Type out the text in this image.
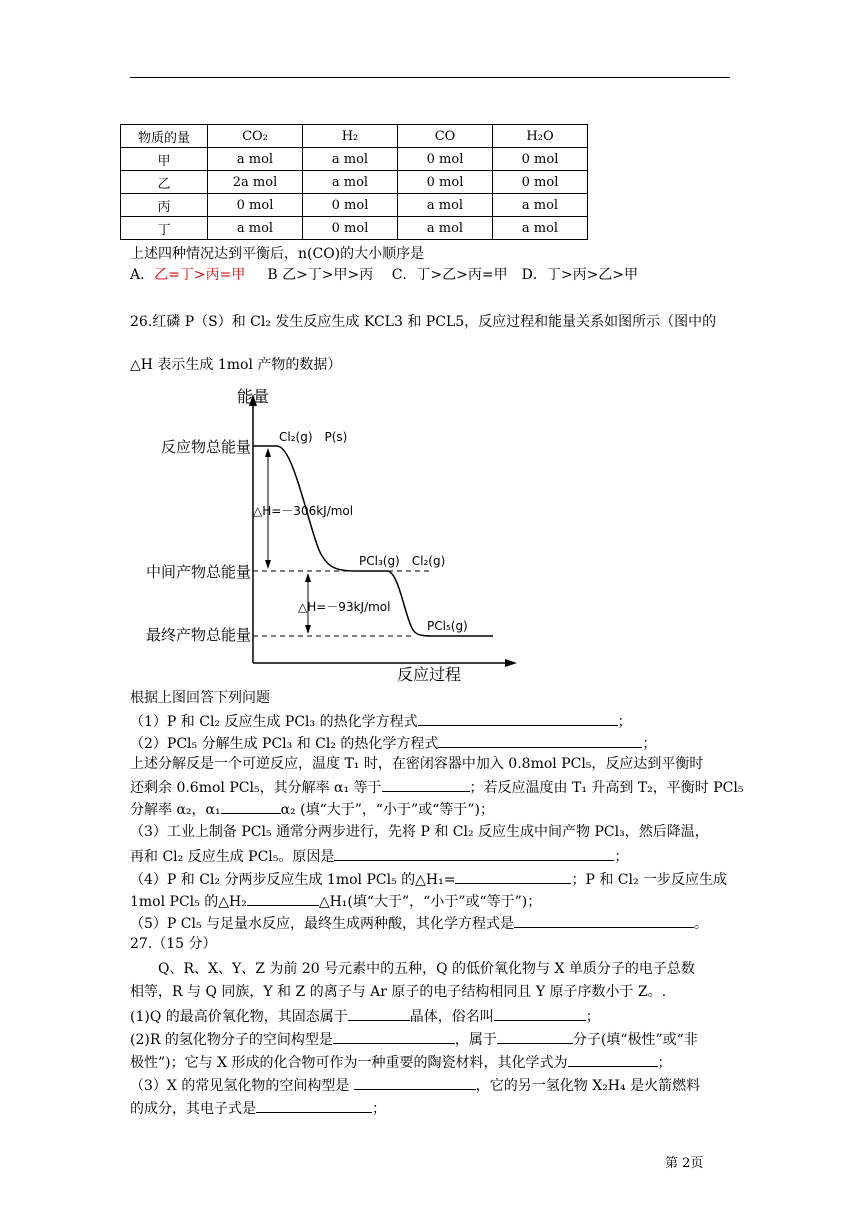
物质的量	CO₂	H₂	CO	H₂O
甲	a mol	a mol	0 mol	0 mol
乙	2a mol	a mol	0 mol	0 mol
丙	0 mol	0 mol	a mol	a mol
丁	a mol	0 mol	a mol	a mol
上述四种情况达到平衡后，n(CO)的大小顺序是
A．乙=丁>丙=甲 B 乙>丁>甲>丙　 C．丁>乙>丙=甲　D．丁>丙>乙>甲
26.红磷 P（S）和 Cl₂ 发生反应生成 KCL3 和 PCL5，反应过程和能量关系如图所示（图中的
△H 表示生成 1mol 产物的数据）
能量
反应过程
反应物总能量
中间产物总能量
最终产物总能量
△H=－306kJ/mol
△H=－93kJ/mol
Cl₂(g)　P(s)
PCl₃(g)　Cl₂(g)
PCl₅(g)
根据上图回答下列问题
（1）P 和 Cl₂ 反应生成 PCl₃ 的热化学方程式	；
（2）PCl₅ 分解生成 PCl₃ 和 Cl₂ 的热化学方程式	；
上述分解反是一个可逆反应，温度 T₁ 时，在密闭容器中加入 0.8mol PCl₅，反应达到平衡时
还剩余 0.6mol PCl₅，其分解率 α₁ 等于	；若反应温度由 T₁ 升高到 T₂，平衡时 PCl₅
分解率 α₂，α₁	α₂ (填“大于”，“小于”或“等于”)；
（3）工业上制备 PCl₅ 通常分两步进行，先将 P 和 Cl₂ 反应生成中间产物 PCl₃，然后降温，
再和 Cl₂ 反应生成 PCl₅。原因是	；
（4）P 和 Cl₂ 分两步反应生成 1mol PCl₅ 的△H₁=	；P 和 Cl₂ 一步反应生成
1mol PCl₅ 的△H₂	△H₁(填“大于”，“小于”或“等于”)；
（5）P Cl₅ 与足量水反应，最终生成两种酸，其化学方程式是	。
27.（15 分）
Q、R、X、Y、Z 为前 20 号元素中的五种，Q 的低价氧化物与 X 单质分子的电子总数
相等，R 与 Q 同族，Y 和 Z 的离子与 Ar 原子的电子结构相同且 Y 原子序数小于 Z。.
(1)Q 的最高价氧化物，其固态属于	晶体，俗名叫	；
(2)R 的氢化物分子的空间构型是	，属于	分子(填“极性”或“非
极性”)；它与 X 形成的化合物可作为一种重要的陶瓷材料，其化学式为	；
（3）X 的常见氢化物的空间构型是	，它的另一氢化物 X₂H₄ 是火箭燃料
的成分，其电子式是	；
第 2页
